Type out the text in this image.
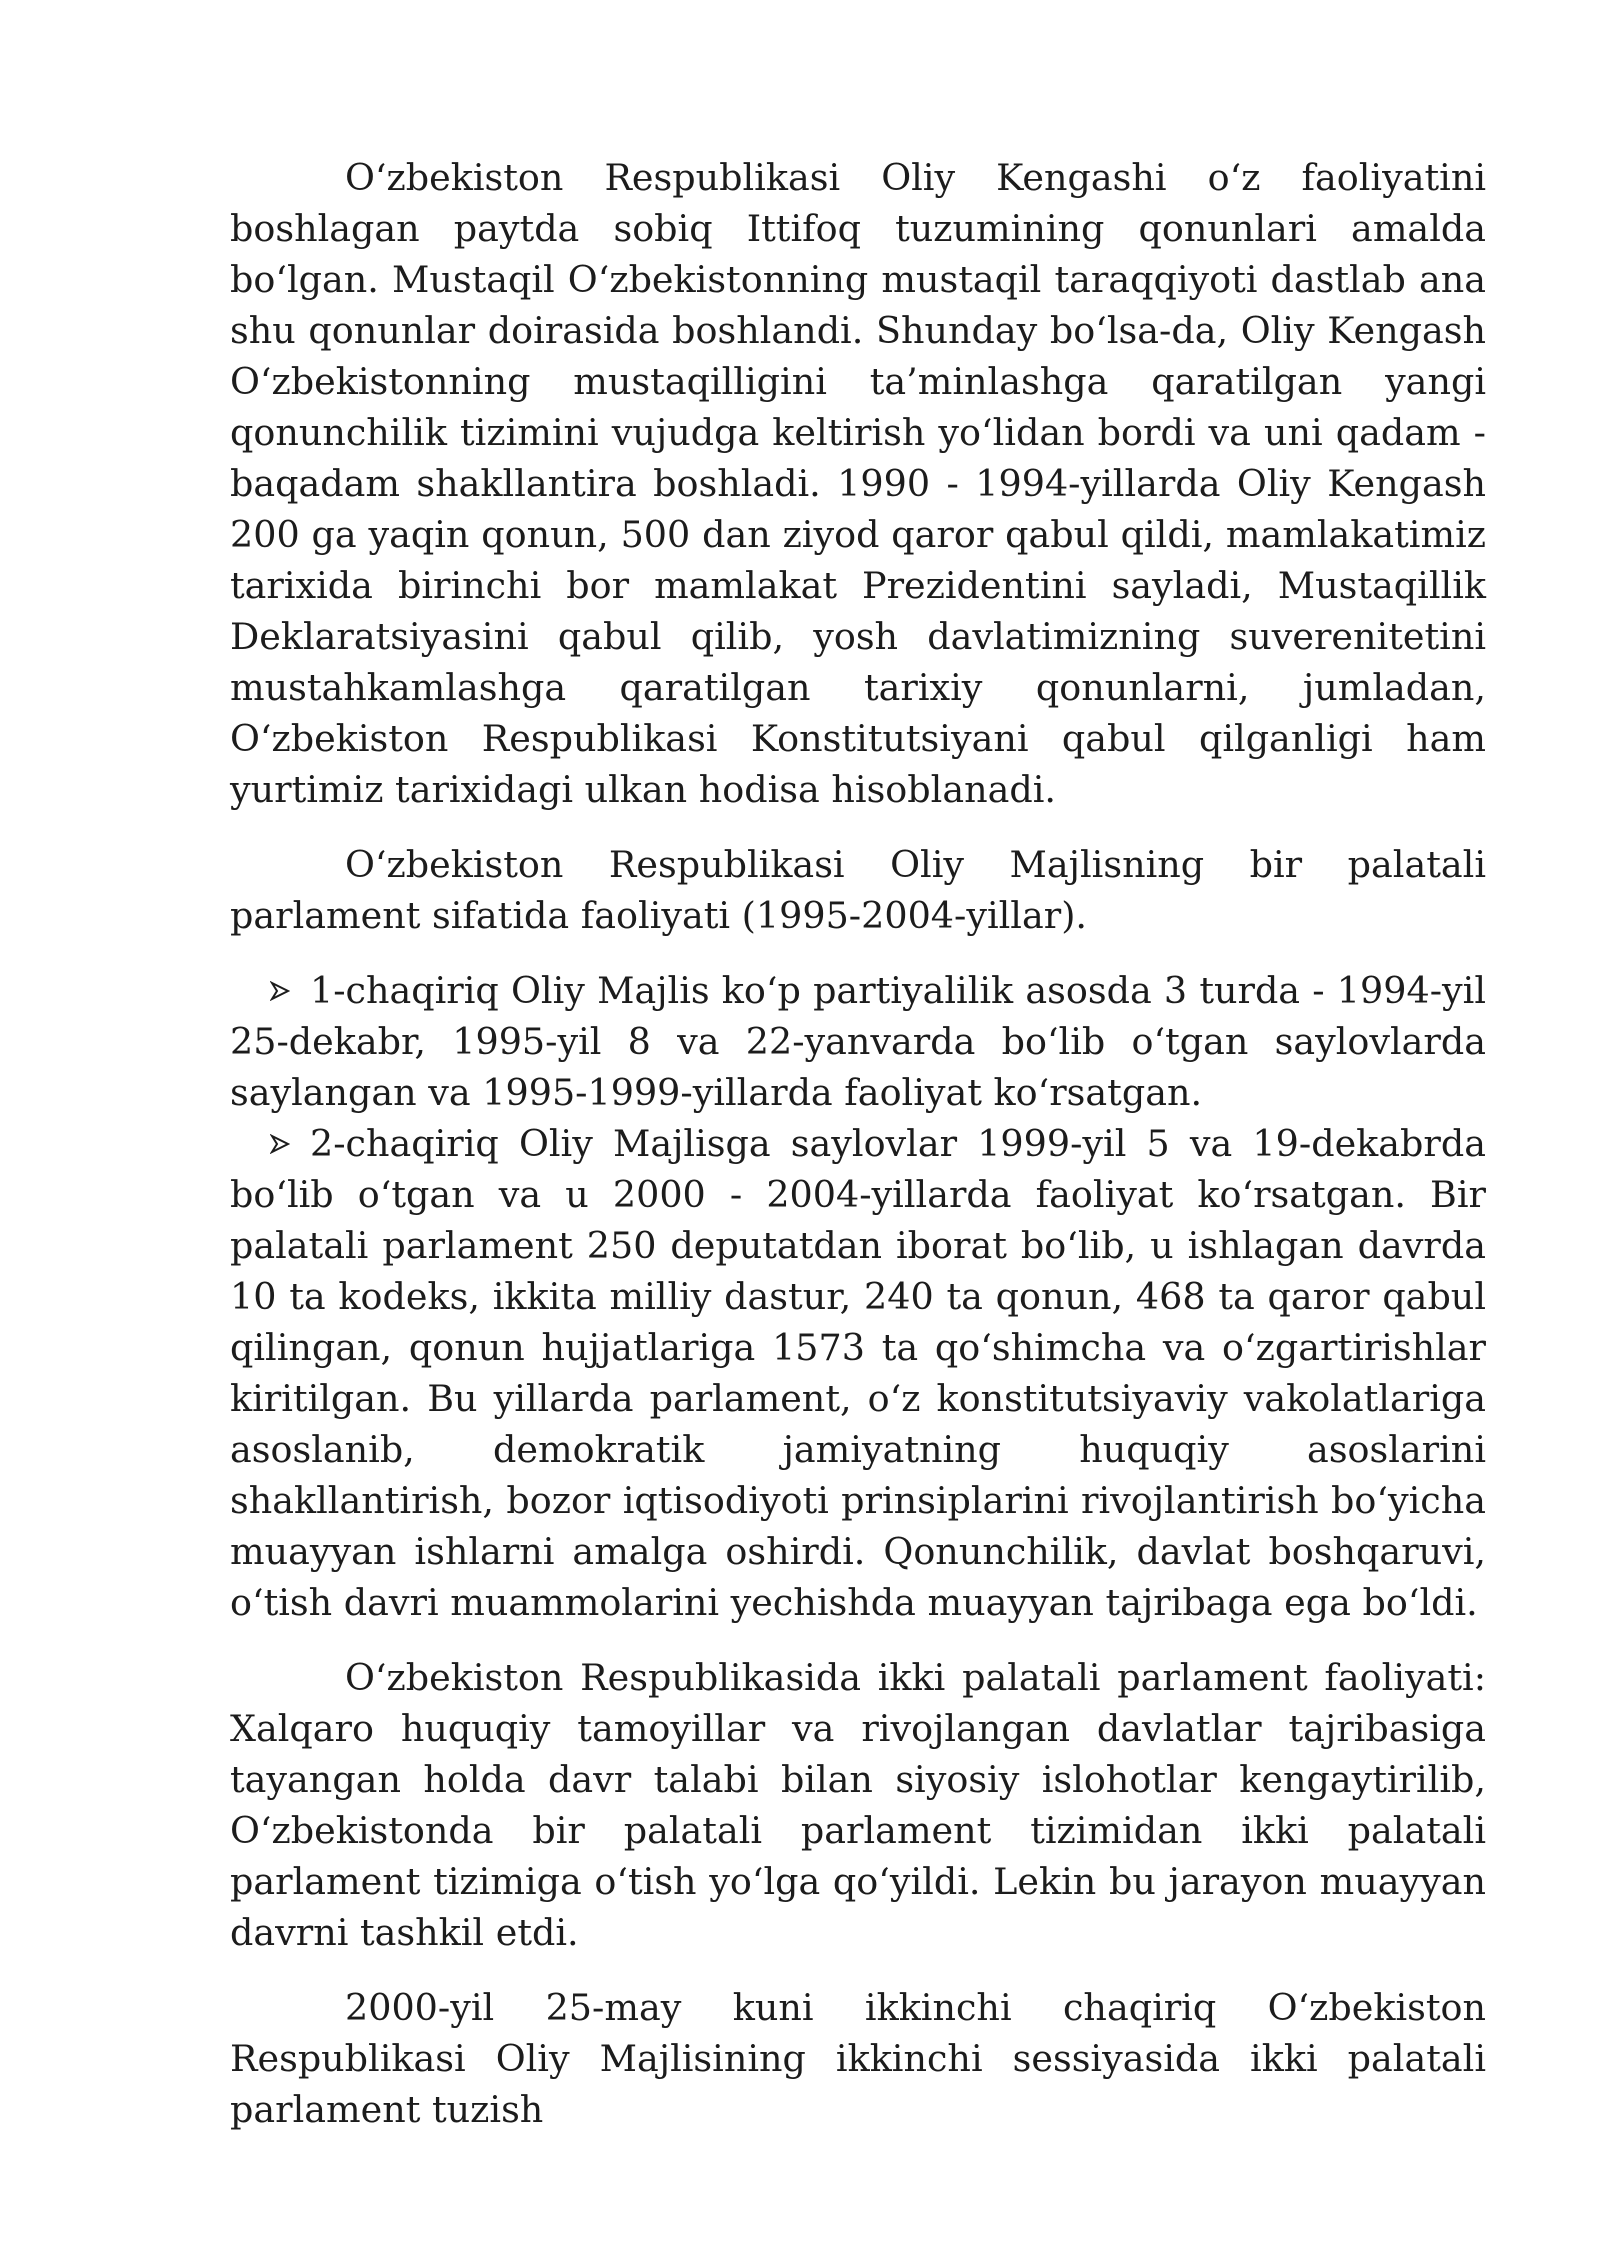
O‘zbekiston Respublikasi Oliy Kengashi o‘z faoliyatini boshlagan paytda sobiq Ittifoq tuzumining qonunlari amalda bo‘lgan. Mustaqil O‘zbekistonning mustaqil taraqqiyoti dastlab ana shu qonunlar doirasida boshlandi. Shunday bo‘lsa-da, Oliy Kengash O‘zbekistonning mustaqilligini ta’minlashga qaratilgan yangi qonunchilik tizimini vujudga keltirish yo‘lidan bordi va uni qadam - baqadam shakllantira boshladi. 1990 - 1994-yillarda Oliy Kengash 200 ga yaqin qonun, 500 dan ziyod qaror qabul qildi, mamlakatimiz tarixida birinchi bor mamlakat Prezidentini sayladi, Mustaqillik Deklaratsiyasini qabul qilib, yosh davlatimizning suverenitetini mustahkamlashga qaratilgan tarixiy qonunlarni, jumladan, O‘zbekiston Respublikasi Konstitutsiyani qabul qilganligi ham yurtimiz tarixidagi ulkan hodisa hisoblanadi.

O‘zbekiston Respublikasi Oliy Majlisning bir palatali parlament sifatida faoliyati (1995-2004-yillar).

1-chaqiriq Oliy Majlis ko‘p partiyalilik asosda 3 turda - 1994-yil 25-dekabr, 1995-yil 8 va 22-yanvarda bo‘lib o‘tgan saylovlarda saylangan va 1995-1999-yillarda faoliyat ko‘rsatgan.

2-chaqiriq Oliy Majlisga saylovlar 1999-yil 5 va 19-dekabrda bo‘lib o‘tgan va u 2000 - 2004-yillarda faoliyat ko‘rsatgan. Bir palatali parlament 250 deputatdan iborat bo‘lib, u ishlagan davrda 10 ta kodeks, ikkita milliy dastur, 240 ta qonun, 468 ta qaror qabul qilingan, qonun hujjatlariga 1573 ta qo‘shimcha va o‘zgartirishlar kiritilgan. Bu yillarda parlament, o‘z konstitutsiyaviy vakolatlariga asoslanib, demokratik jamiyatning huquqiy asoslarini shakllantirish, bozor iqtisodiyoti prinsiplarini rivojlantirish bo‘yicha muayyan ishlarni amalga oshirdi. Qonunchilik, davlat boshqaruvi, o‘tish davri muammolarini yechishda muayyan tajribaga ega bo‘ldi.

O‘zbekiston Respublikasida ikki palatali parlament faoliyati: Xalqaro huquqiy tamoyillar va rivojlangan davlatlar tajribasiga tayangan holda davr talabi bilan siyosiy islohotlar kengaytirilib, O‘zbekistonda bir palatali parlament tizimidan ikki palatali parlament tizimiga o‘tish yo‘lga qo‘yildi. Lekin bu jarayon muayyan davrni tashkil etdi.

2000-yil 25-may kuni ikkinchi chaqiriq O‘zbekiston Respublikasi Oliy Majlisining ikkinchi sessiyasida ikki palatali parlament tuzish
